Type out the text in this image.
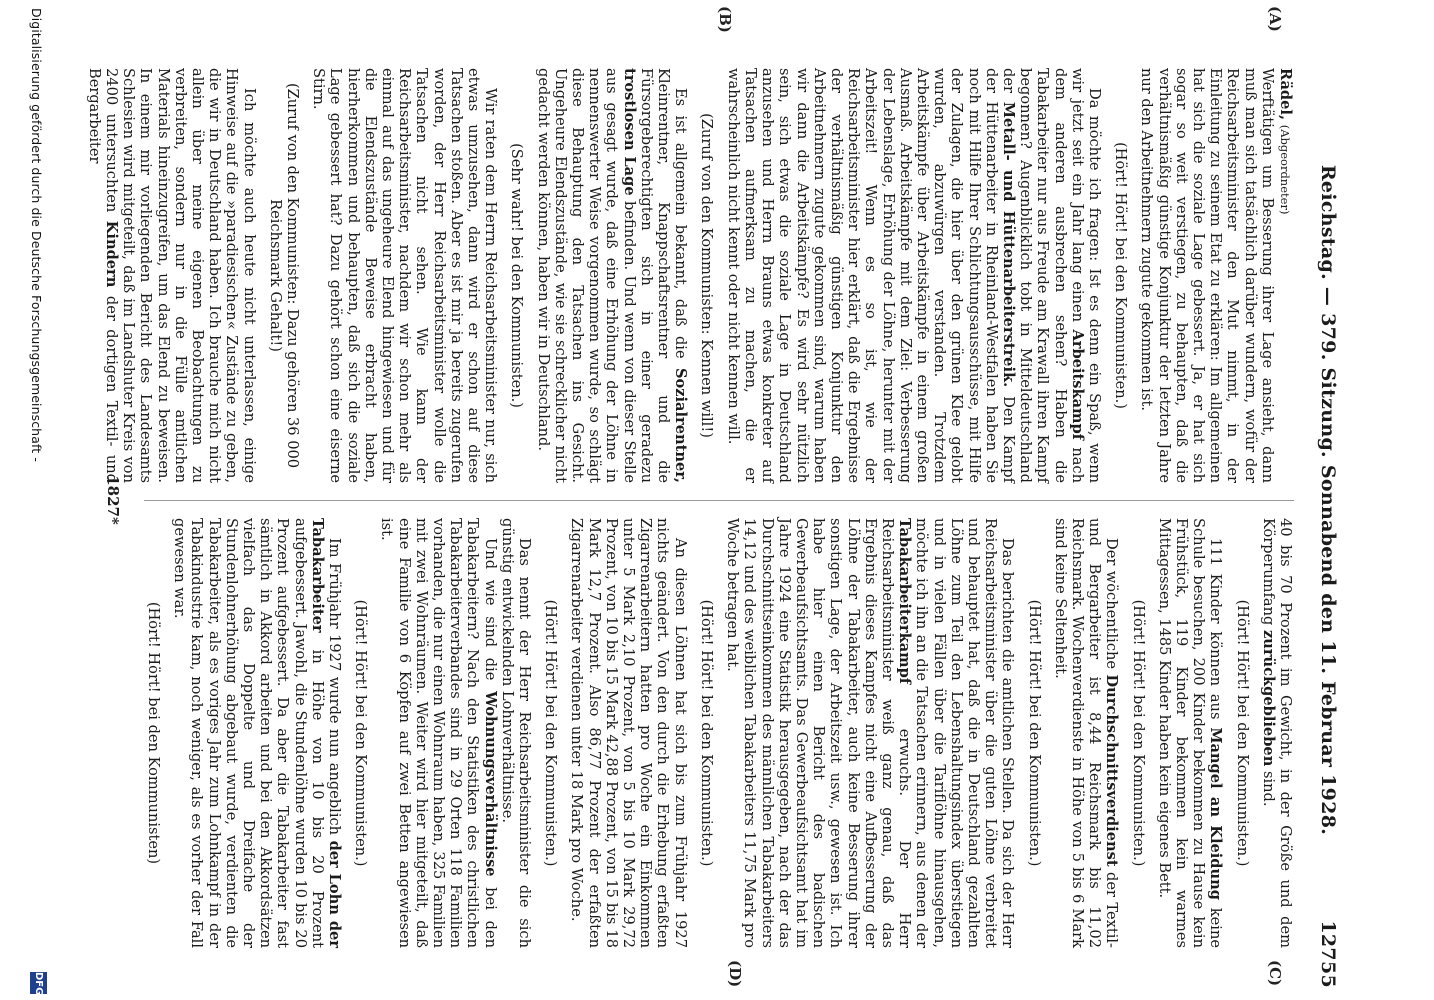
Reichstag. — 379. Sitzung. Sonnabend den 11. Februar 1928.
12755
(A)
(B)
(C)
(D)

Rädel, (Abgeordneter)

Werftätigen um Besserung ihrer Lage ansieht, dann muß man sich tatsächlich darüber wundern, wofür der Reichsarbeitsminister den Mut nimmt, in der Einleitung zu seinem Etat zu erklären: Im allgemeinen hat sich die soziale Lage gebessert. Ja, er hat sich sogar so weit verstiegen, zu behaupten, daß die verhältnismäßig günstige Konjunktur der letzten Jahre nur den Arbeitnehmern zugute gekommen ist.

(Hört! Hört! bei den Kommunisten.)

Da möchte ich fragen: Ist es denn ein Spaß, wenn wir jetzt seit ein Jahr lang einen Arbeitskampf nach dem anderen ausbrechen sehen? Haben die Tabakarbeiter nur aus Freude am Krawall ihren Kampf begonnen? Augenblicklich tobt in Mitteldeutschland der Metall- und Hüttenarbeiterstreik. Den Kampf der Hüttenarbeiter in Rheinland-Westfalen haben Sie noch mit Hilfe Ihrer Schlichtungsausschüsse, mit Hilfe der Zulagen, die hier über den grünen Klee gelobt wurden, abzuwürgen verstanden. Trotzdem Arbeitskämpfe über Arbeitskämpfe in einem großen Ausmaß. Arbeitskämpfe mit dem Ziel: Verbesserung der Lebenslage, Erhöhung der Löhne, herunter mit der Arbeitszeit! Wenn es so ist, wie der Reichsarbeitsminister hier erklärt, daß die Ergebnisse der verhältnismäßig günstigen Konjunktur den Arbeitnehmern zugute gekommen sind, warum haben wir dann die Arbeitskämpfe? Es wird sehr nützlich sein, sich etwas die soziale Lage in Deutschland anzusehen und Herrn Brauns etwas konkreter auf Tatsachen aufmerksam zu machen, die er wahrscheinlich nicht kennt oder nicht kennen will.

(Zuruf von den Kommunisten: Kennen will!)

Es ist allgemein bekannt, daß die Sozialrentner, Kleinrentner, Knappschaftsrentner und die Fürsorgeberechtigten sich in einer geradezu trostlosen Lage befinden. Und wenn von dieser Stelle aus gesagt wurde, daß eine Erhöhung der Löhne in nennenswerter Weise vorgenommen wurde, so schlägt diese Behauptung den Tatsachen ins Gesicht. Ungeheure Elendszustände, wie sie schrecklicher nicht gedacht werden können, haben wir in Deutschland.

(Sehr wahr! bei den Kommunisten.)

Wir raten dem Herrn Reichsarbeitsminister nur, sich etwas umzusehen, dann wird er schon auf diese Tatsachen stoßen. Aber es ist mir ja bereits zugerufen worden, der Herr Reichsarbeitsminister wolle die Tatsachen nicht sehen. Wie kann der Reichsarbeitsminister, nachdem wir schon mehr als einmal auf das ungeheure Elend hingewiesen und für die Elendszustände Beweise erbracht haben, hierherkommen und behaupten, daß sich die soziale Lage gebessert hat? Dazu gehört schon eine eiserne Stirn.

(Zuruf von den Kommunisten: Dazu gehören 36 000 Reichsmark Gehalt!)

Ich möchte auch heute nicht unterlassen, einige Hinweise auf die »paradiesischen« Zustände zu geben, die wir in Deutschland haben. Ich brauche mich nicht allein über meine eigenen Beobachtungen zu verbreiten, sondern nur in die Fülle amtlichen Materials hineinzugreifen, um das Elend zu beweisen. In einem mir vorliegenden Bericht des Landesamts Schlesien wird mitgeteilt, daß im Landshuter Kreis von 2400 untersuchten Kindern der dortigen Textil- und Bergarbeiter

40 bis 70 Prozent im Gewicht, in der Größe und dem Körperumfang zurückgeblieben sind.

(Hört! Hört! bei den Kommunisten.)

111 Kinder können aus Mangel an Kleidung keine Schule besuchen, 200 Kinder bekommen zu Hause kein Frühstück, 119 Kinder bekommen kein warmes Mittagessen, 1485 Kinder haben kein eigenes Bett.

(Hört! Hört! bei den Kommunisten.)

Der wöchentliche Durchschnittsverdienst der Textil- und Bergarbeiter ist 8,44 Reichsmark bis 11,02 Reichsmark. Wochenverdienste in Höhe von 5 bis 6 Mark sind keine Seltenheit.

(Hört! Hört! bei den Kommunisten.)

Das berichten die amtlichen Stellen. Da sich der Herr Reichsarbeitsminister über die guten Löhne verbreitet und behauptet hat, daß die in Deutschland gezahlten Löhne zum Teil den Lebenshaltungsindex überstiegen und in vielen Fällen über die Tariflöhne hinausgehen, möchte ich ihn an die Tatsachen erinnern, aus denen der Tabakarbeiterkampf erwuchs. Der Herr Reichsarbeitsminister weiß ganz genau, daß das Ergebnis dieses Kampfes nicht eine Aufbesserung der Löhne der Tabakarbeiter, auch keine Besserung ihrer sonstigen Lage, der Arbeitszeit usw., gewesen ist. Ich habe hier einen Bericht des badischen Gewerbeaufsichtsamts. Das Gewerbeaufsichtsamt hat im Jahre 1924 eine Statistik herausgegeben, nach der das Durchschnittseinkommen des männlichen Tabakarbeiters 14,12 und des weiblichen Tabakarbeiters 11,75 Mark pro Woche betragen hat.

(Hört! Hört! bei den Kommunisten.)

An diesen Löhnen hat sich bis zum Frühjahr 1927 nichts geändert. Von den durch die Erhebung erfaßten Zigarrenarbeitern hatten pro Woche ein Einkommen unter 5 Mark 2,10 Prozent, von 5 bis 10 Mark 29,72 Prozent, von 10 bis 15 Mark 42,88 Prozent, von 15 bis 18 Mark 12,7 Prozent. Also 86,77 Prozent der erfaßten Zigarrenarbeiter verdienen unter 18 Mark pro Woche.

(Hört! Hört! bei den Kommunisten.)

Das nennt der Herr Reichsarbeitsminister die sich günstig entwickelnden Lohnverhältnisse.

Und wie sind die Wohnungsverhältnisse bei den Tabakarbeitern? Nach den Statistiken des christlichen Tabakarbeiterverbandes sind in 29 Orten 118 Familien vorhanden, die nur einen Wohnraum haben, 325 Familien mit zwei Wohnräumen. Weiter wird hier mitgeteilt, daß eine Familie von 6 Köpfen auf zwei Betten angewiesen ist.

(Hört! Hört! bei den Kommunisten.)

Im Frühjahr 1927 wurde nun angeblich der Lohn der Tabakarbeiter in Höhe von 10 bis 20 Prozent aufgebessert. Jawohl, die Stundenlöhne wurden 10 bis 20 Prozent aufgebessert. Da aber die Tabakarbeiter fast sämtlich in Akkord arbeiten und bei den Akkordsätzen vielfach das Doppelte und Dreifache der Stundenlohnerhöhung abgebaut wurde, verdienten die Tabakarbeiter, als es voriges Jahr zum Lohnkampf in der Tabakindustrie kam, noch weniger, als es vorher der Fall gewesen war.

(Hört! Hört! bei den Kommunisten)

1827*
Digitalisierung gefördert durch die Deutsche Forschungsgemeinschaft -
DFG
